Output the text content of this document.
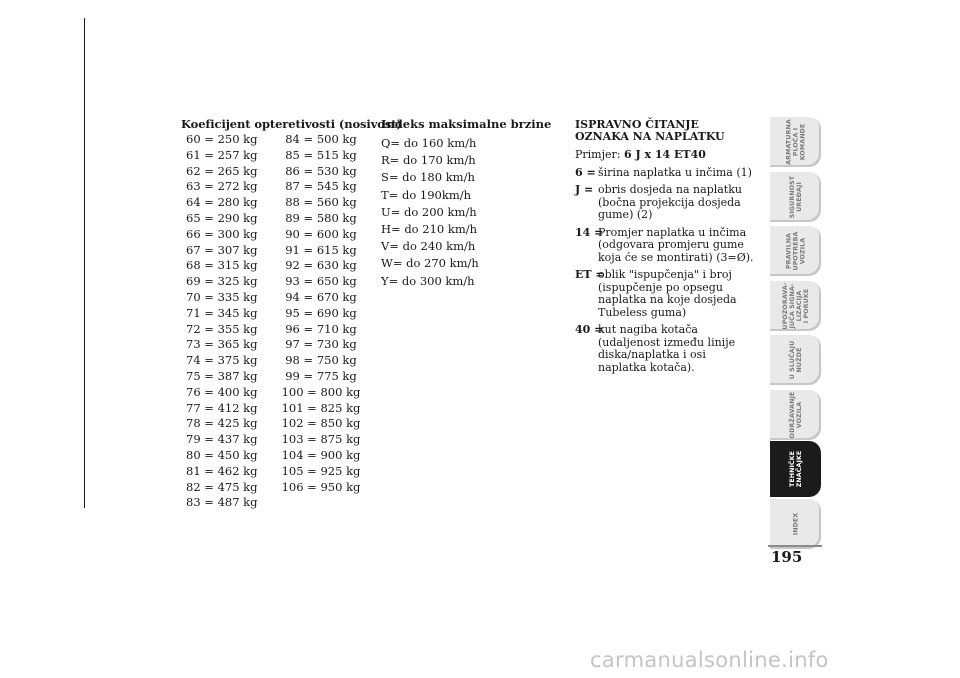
Koeficijent opteretivosti (nosivost)
60 = 250 kg
61 = 257 kg
62 = 265 kg
63 = 272 kg
64 = 280 kg
65 = 290 kg
66 = 300 kg
67 = 307 kg
68 = 315 kg
69 = 325 kg
70 = 335 kg
71 = 345 kg
72 = 355 kg
73 = 365 kg
74 = 375 kg
75 = 387 kg
76 = 400 kg
77 = 412 kg
78 = 425 kg
79 = 437 kg
80 = 450 kg
81 = 462 kg
82 = 475 kg
83 = 487 kg
84 = 500 kg
85 = 515 kg
86 = 530 kg
87 = 545 kg
88 = 560 kg
89 = 580 kg
90 = 600 kg
91 = 615 kg
92 = 630 kg
93 = 650 kg
94 = 670 kg
95 = 690 kg
96 = 710 kg
97 = 730 kg
98 = 750 kg
99 = 775 kg
100 = 800 kg
101 = 825 kg
102 = 850 kg
103 = 875 kg
104 = 900 kg
105 = 925 kg
106 = 950 kg
Indeks maksimalne brzine
Q= do 160 km/h
R= do 170 km/h
S= do 180 km/h
T= do 190km/h
U= do 200 km/h
H= do 210 km/h
V= do 240 km/h
W= do 270 km/h
Y= do 300 km/h
ISPRAVNO ČITANJE OZNAKA NA NAPLATKU
Primjer: 6 J x 14 ET40
6 = širina naplatka u inčima (1)
J = obris dosjeda na naplatku (bočna projekcija dosjeda gume) (2)
14 =
Promjer naplatka u inčima (odgovara promjeru gume koja će se montirati) (3=Ø).
ET =
oblik "ispupčenja" i broj (ispupčenje po opsegu naplatka na koje dosjeda Tubeless guma)
40 =
kut nagiba kotača (udaljenost između linije diska/naplatka i osi naplatka kotača).
ARMATURNA
PLOČA I
KOMANDE
SIGURNOST
UREĐAJI
PRAVILNA
UPOTREBA
VOZILA
UPOZORAVA-
JUĆA SIGNA-
LIZACIJA
I PORUKE
U SLUČAJU
NUŽDE
ODRŽAVANJE
VOZILA
TEHNIČKE
ZNAČAJKE
INDEX
195
carmanualsonline.info
